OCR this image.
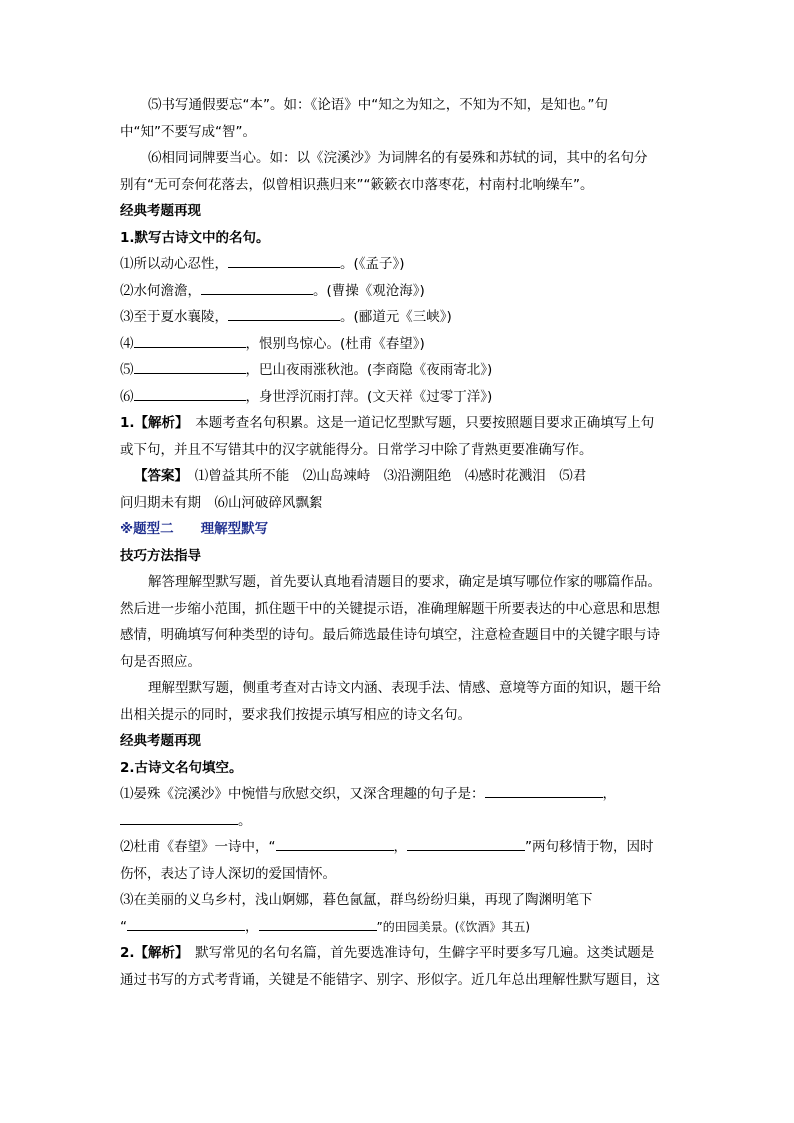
⑸书写通假要忘“本”。如：《论语》中“知之为知之，不知为不知，是知也。”句
中“知”不要写成“智”。
⑹相同词牌要当心。如：以《浣溪沙》为词牌名的有晏殊和苏轼的词，其中的名句分
别有“无可奈何花落去，似曾相识燕归来”“簌簌衣巾落枣花，村南村北响缲车”。
经典考题再现
1.默写古诗文中的名句。
⑴所以动心忍性，	。(《孟子》)
⑵水何澹澹，	。(曹操《观沧海》)
⑶至于夏水襄陵，	。(郦道元《三峡》)
⑷	，恨别鸟惊心。(杜甫《春望》)
⑸	，巴山夜雨涨秋池。(李商隐《夜雨寄北》)
⑹	，身世浮沉雨打萍。(文天祥《过零丁洋》)
1.【解析】　本题考查名句积累。这是一道记忆型默写题，只要按照题目要求正确填写上句
或下句，并且不写错其中的汉字就能得分。日常学习中除了背熟更要准确写作。
【答案】　⑴曾益其所不能　⑵山岛竦峙　⑶沿溯阻绝　⑷感时花溅泪　⑸君
问归期未有期　⑹山河破碎风飘絮
※题型二　　理解型默写
技巧方法指导
解答理解型默写题，首先要认真地看清题目的要求，确定是填写哪位作家的哪篇作品。
然后进一步缩小范围，抓住题干中的关键提示语，准确理解题干所要表达的中心意思和思想
感情，明确填写何种类型的诗句。最后筛选最佳诗句填空，注意检查题目中的关键字眼与诗
句是否照应。
理解型默写题，侧重考查对古诗文内涵、表现手法、情感、意境等方面的知识，题干给
出相关提示的同时，要求我们按提示填写相应的诗文名句。
经典考题再现
2.古诗文名句填空。
⑴晏殊《浣溪沙》中惋惜与欣慰交织，又深含理趣的句子是：	，
。
⑵杜甫《春望》一诗中，“	，	”两句移情于物，因时
伤怀，表达了诗人深切的爱国情怀。
⑶在美丽的义乌乡村，浅山婀娜，暮色氤氲，群鸟纷纷归巢，再现了陶渊明笔下
“	，	”的田园美景。(《饮酒》其五)
2.【解析】　默写常见的名句名篇，首先要选准诗句，生僻字平时要多写几遍。这类试题是
通过书写的方式考背诵，关键是不能错字、别字、形似字。近几年总出理解性默写题目，这
